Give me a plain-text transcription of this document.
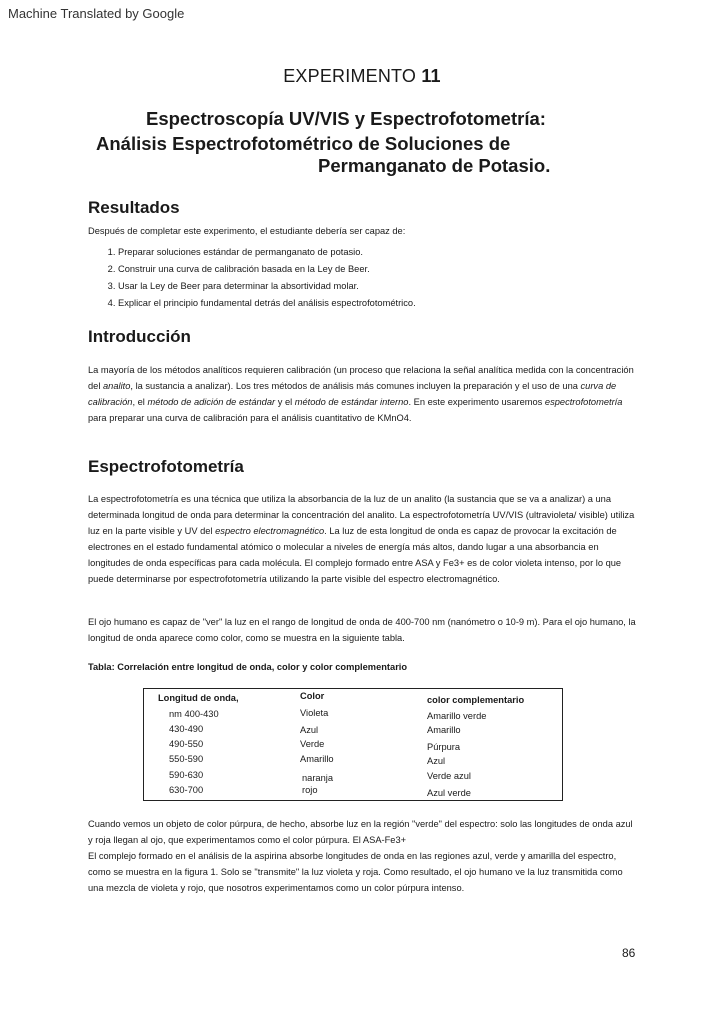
Machine Translated by Google
EXPERIMENTO 11
Espectroscopía UV/VIS y Espectrofotometría:
Análisis Espectrofotométrico de Soluciones de
Permanganato de Potasio.
Resultados

Después de completar este experimento, el estudiante debería ser capaz de:

1. Preparar soluciones estándar de permanganato de potasio.
2. Construir una curva de calibración basada en la Ley de Beer.
3. Usar la Ley de Beer para determinar la absortividad molar.
4. Explicar el principio fundamental detrás del análisis espectrofotométrico.
Introducción

La mayoría de los métodos analíticos requieren calibración (un proceso que relaciona la señal analítica medida con la concentración del analito, la sustancia a analizar). Los tres métodos de análisis más comunes incluyen la preparación y el uso de una curva de calibración, el método de adición de estándar y el método de estándar interno. En este experimento usaremos espectrofotometría para preparar una curva de calibración para el análisis cuantitativo de KMnO4.

Espectrofotometría

La espectrofotometría es una técnica que utiliza la absorbancia de la luz de un analito (la sustancia que se va a analizar) a una determinada longitud de onda para determinar la concentración del analito. La espectrofotometría UV/VIS (ultravioleta/ visible) utiliza luz en la parte visible y UV del espectro electromagnético. La luz de esta longitud de onda es capaz de provocar la excitación de electrones en el estado fundamental atómico o molecular a niveles de energía más altos, dando lugar a una absorbancia en longitudes de onda específicas para cada molécula. El complejo formado entre ASA y Fe3+ es de color violeta intenso, por lo que puede determinarse por espectrofotometría utilizando la parte visible del espectro electromagnético.

El ojo humano es capaz de "ver" la luz en el rango de longitud de onda de 400-700 nm (nanómetro o 10-9 m). Para el ojo humano, la longitud de onda aparece como color, como se muestra en la siguiente tabla.

Tabla: Correlación entre longitud de onda, color y color complementario
Longitud de onda,	Color	color complementario
nm 400-430	Violeta	Amarillo verde
430-490	Azul	Amarillo
490-550	Verde	Púrpura
550-590	Amarillo	Azul
590-630	naranja	Verde azul
630-700	rojo	Azul verde

Cuando vemos un objeto de color púrpura, de hecho, absorbe luz en la región "verde" del espectro: solo las longitudes de onda azul y roja llegan al ojo, que experimentamos como el color púrpura. El ASA-Fe3+

El complejo formado en el análisis de la aspirina absorbe longitudes de onda en las regiones azul, verde y amarilla del espectro, como se muestra en la figura 1. Solo se "transmite" la luz violeta y roja. Como resultado, el ojo humano ve la luz transmitida como una mezcla de violeta y rojo, que nosotros experimentamos como un color púrpura intenso.

86
